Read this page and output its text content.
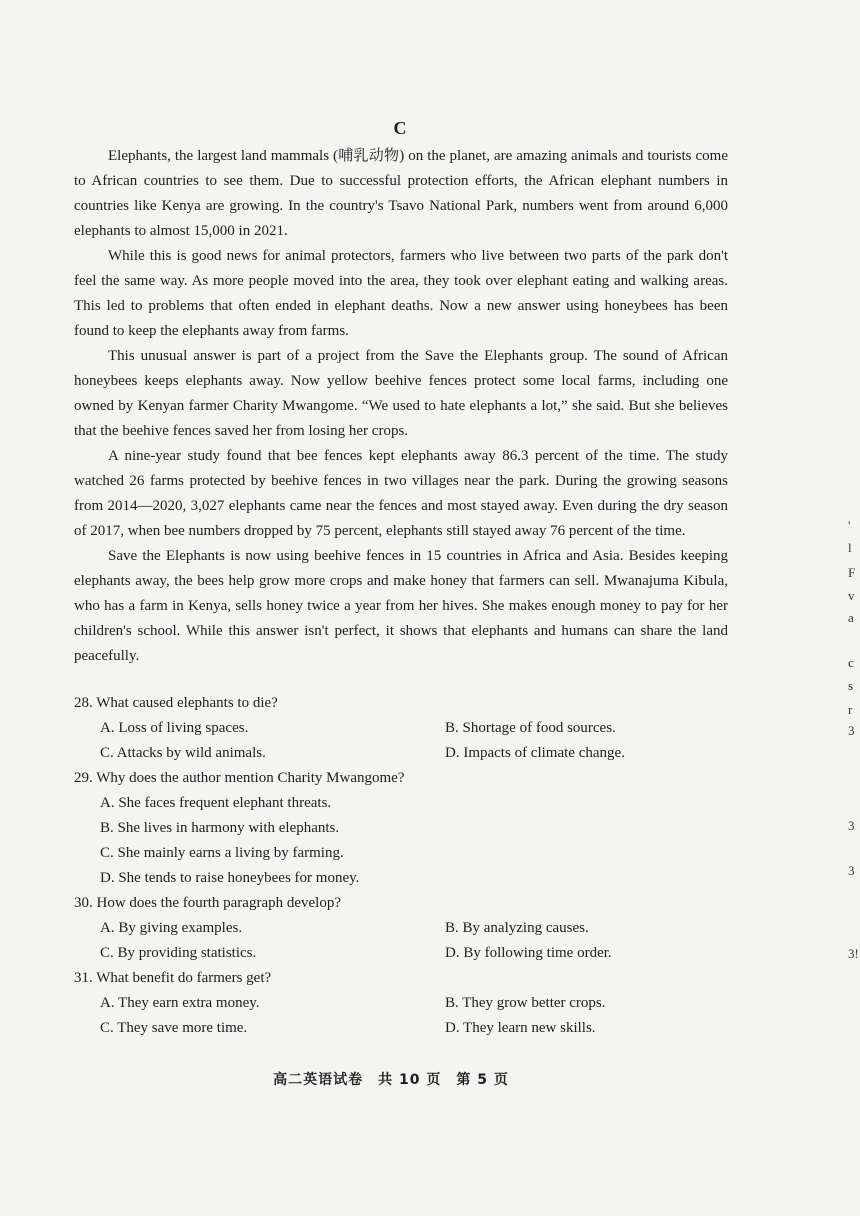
C

Elephants, the largest land mammals (哺乳动物) on the planet, are amazing animals and tourists come to African countries to see them. Due to successful protection efforts, the African elephant numbers in countries like Kenya are growing. In the country's Tsavo National Park, numbers went from around 6,000 elephants to almost 15,000 in 2021.

While this is good news for animal protectors, farmers who live between two parts of the park don't feel the same way. As more people moved into the area, they took over elephant eating and walking areas. This led to problems that often ended in elephant deaths. Now a new answer using honeybees has been found to keep the elephants away from farms.

This unusual answer is part of a project from the Save the Elephants group. The sound of African honeybees keeps elephants away. Now yellow beehive fences protect some local farms, including one owned by Kenyan farmer Charity Mwangome. “We used to hate elephants a lot,” she said. But she believes that the beehive fences saved her from losing her crops.

A nine-year study found that bee fences kept elephants away 86.3 percent of the time. The study watched 26 farms protected by beehive fences in two villages near the park. During the growing seasons from 2014—2020, 3,027 elephants came near the fences and most stayed away. Even during the dry season of 2017, when bee numbers dropped by 75 percent, elephants still stayed away 76 percent of the time.

Save the Elephants is now using beehive fences in 15 countries in Africa and Asia. Besides keeping elephants away, the bees help grow more crops and make honey that farmers can sell. Mwanajuma Kibula, who has a farm in Kenya, sells honey twice a year from her hives. She makes enough money to pay for her children's school. While this answer isn't perfect, it shows that elephants and humans can share the land peacefully.

28. What caused elephants to die?

A. Loss of living spaces.	B. Shortage of food sources.
C. Attacks by wild animals.	D. Impacts of climate change.

29. Why does the author mention Charity Mwangome?

A. She faces frequent elephant threats.
B. She lives in harmony with elephants.
C. She mainly earns a living by farming.
D. She tends to raise honeybees for money.

30. How does the fourth paragraph develop?

A. By giving examples.	B. By analyzing causes.
C. By providing statistics.	D. By following time order.

31. What benefit do farmers get?

A. They earn extra money.	B. They grow better crops.
C. They save more time.	D. They learn new skills.
高二英语试卷　共 10 页　第 5 页
'
l
F
v
a
c
s
r
3
3
3
3!
